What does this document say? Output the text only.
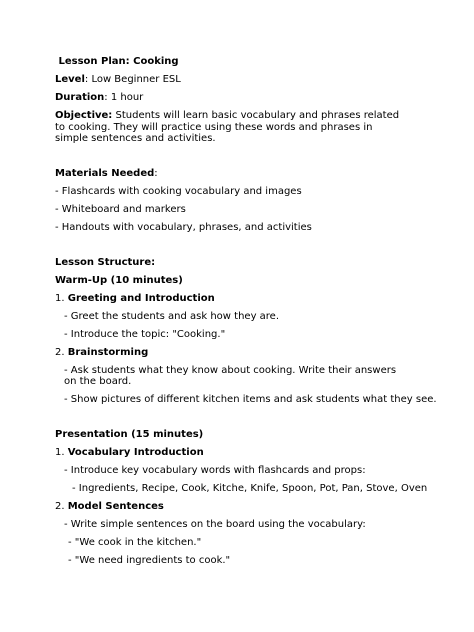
Lesson Plan: Cooking
Level: Low Beginner ESL
Duration: 1 hour
Objective: Students will learn basic vocabulary and phrases related to cooking. They will practice using these words and phrases in simple sentences and activities.
Materials Needed:
- Flashcards with cooking vocabulary and images
- Whiteboard and markers
- Handouts with vocabulary, phrases, and activities
Lesson Structure:
Warm-Up (10 minutes)
1. Greeting and Introduction
- Greet the students and ask how they are.
- Introduce the topic: "Cooking."
2. Brainstorming
- Ask students what they know about cooking. Write their answers on the board.
- Show pictures of different kitchen items and ask students what they see.
Presentation (15 minutes)
1. Vocabulary Introduction
- Introduce key vocabulary words with flashcards and props:
- Ingredients, Recipe, Cook, Kitche, Knife, Spoon, Pot, Pan, Stove, Oven
2. Model Sentences
- Write simple sentences on the board using the vocabulary:
- "We cook in the kitchen."
- "We need ingredients to cook."
